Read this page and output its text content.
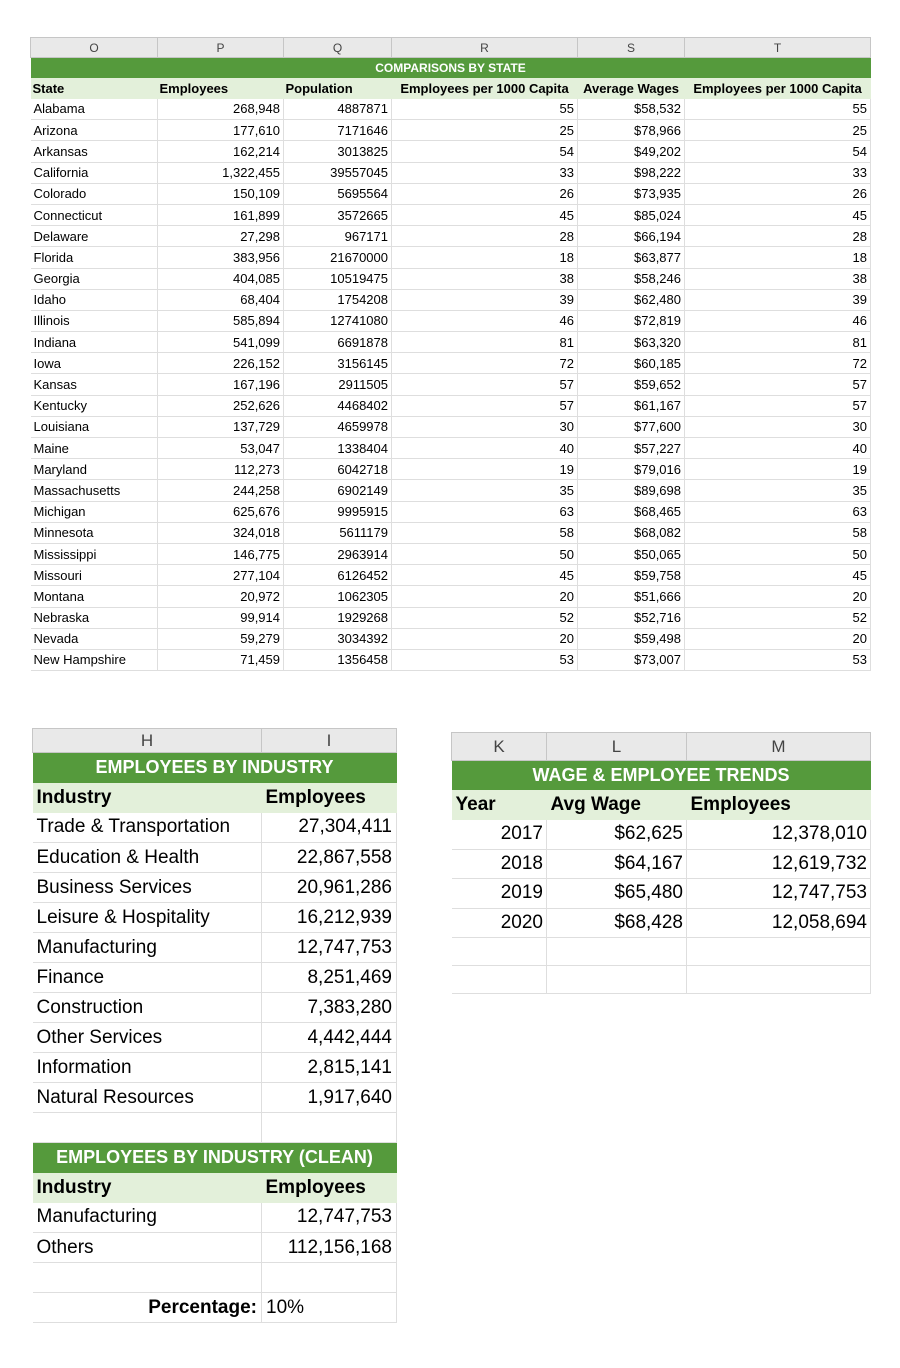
O	P	Q	R	S	T
COMPARISONS BY STATE					
State	Employees	Population	Employees per 1000 Capita	Average Wages	Employees per 1000 Capita
Alabama	268,948	4887871	55	$58,532	55
Arizona	177,610	7171646	25	$78,966	25
Arkansas	162,214	3013825	54	$49,202	54
California	1,322,455	39557045	33	$98,222	33
Colorado	150,109	5695564	26	$73,935	26
Connecticut	161,899	3572665	45	$85,024	45
Delaware	27,298	967171	28	$66,194	28
Florida	383,956	21670000	18	$63,877	18
Georgia	404,085	10519475	38	$58,246	38
Idaho	68,404	1754208	39	$62,480	39
Illinois	585,894	12741080	46	$72,819	46
Indiana	541,099	6691878	81	$63,320	81
Iowa	226,152	3156145	72	$60,185	72
Kansas	167,196	2911505	57	$59,652	57
Kentucky	252,626	4468402	57	$61,167	57
Louisiana	137,729	4659978	30	$77,600	30
Maine	53,047	1338404	40	$57,227	40
Maryland	112,273	6042718	19	$79,016	19
Massachusetts	244,258	6902149	35	$89,698	35
Michigan	625,676	9995915	63	$68,465	63
Minnesota	324,018	5611179	58	$68,082	58
Mississippi	146,775	2963914	50	$50,065	50
Missouri	277,104	6126452	45	$59,758	45
Montana	20,972	1062305	20	$51,666	20
Nebraska	99,914	1929268	52	$52,716	52
Nevada	59,279	3034392	20	$59,498	20
New Hampshire	71,459	1356458	53	$73,007	53
H	I
EMPLOYEES BY INDUSTRY	
Industry	Employees
Trade & Transportation	27,304,411
Education & Health	22,867,558
Business Services	20,961,286
Leisure & Hospitality	16,212,939
Manufacturing	12,747,753
Finance	8,251,469
Construction	7,383,280
Other Services	4,442,444
Information	2,815,141
Natural Resources	1,917,640

EMPLOYEES BY INDUSTRY (CLEAN)	
Industry	Employees
Manufacturing	12,747,753
Others	112,156,168

Percentage:	10%
K	L	M
WAGE & EMPLOYEE TRENDS		
Year	Avg Wage	Employees
2017	$62,625	12,378,010
2018	$64,167	12,619,732
2019	$65,480	12,747,753
2020	$68,428	12,058,694
